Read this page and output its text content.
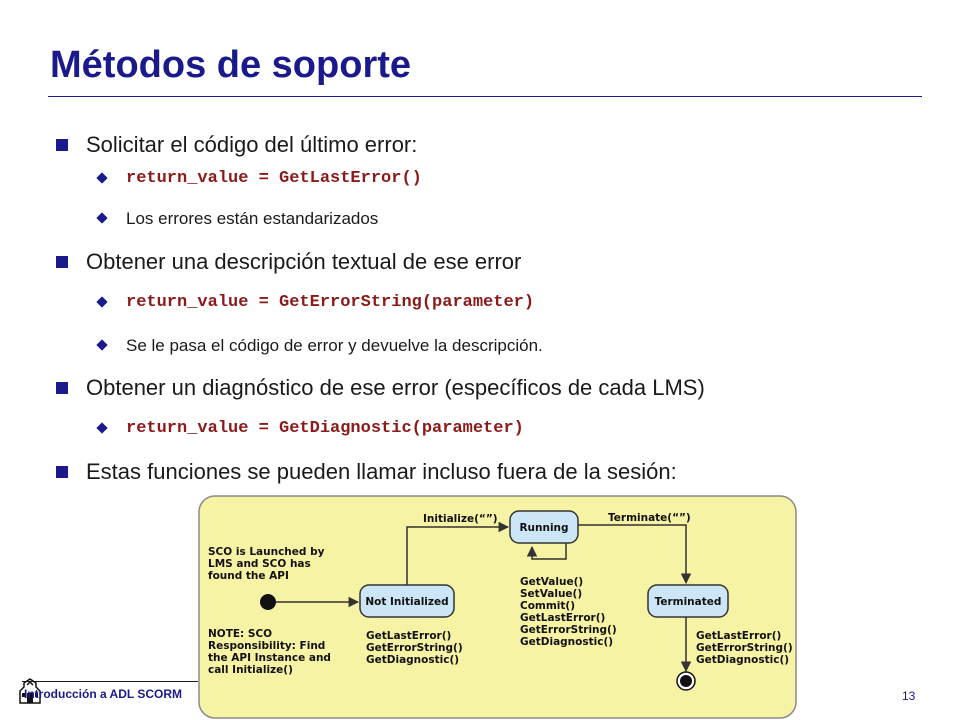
Métodos de soporte
Solicitar el código del último error:
return_value = GetLastError()
Los errores están estandarizados
Obtener una descripción textual de ese error
return_value = GetErrorString(parameter)
Se le pasa el código de error y devuelve la descripción.
Obtener un diagnóstico de ese error (específicos de cada LMS)
return_value = GetDiagnostic(parameter)
Estas funciones se pueden llamar incluso fuera de la sesión:
SCO is Launched by LMS and SCO has found the API
NOTE: SCO Responsibility: Find the API Instance and call Initialize()
Not Initialized
GetLastError() GetErrorString() GetDiagnostic()
Initialize(“”)
Running
GetValue() SetValue() Commit() GetLastError() GetErrorString() GetDiagnostic()
Terminate(“”)
Terminated
GetLastError() GetErrorString() GetDiagnostic()
Introducción a ADL SCORM	13
